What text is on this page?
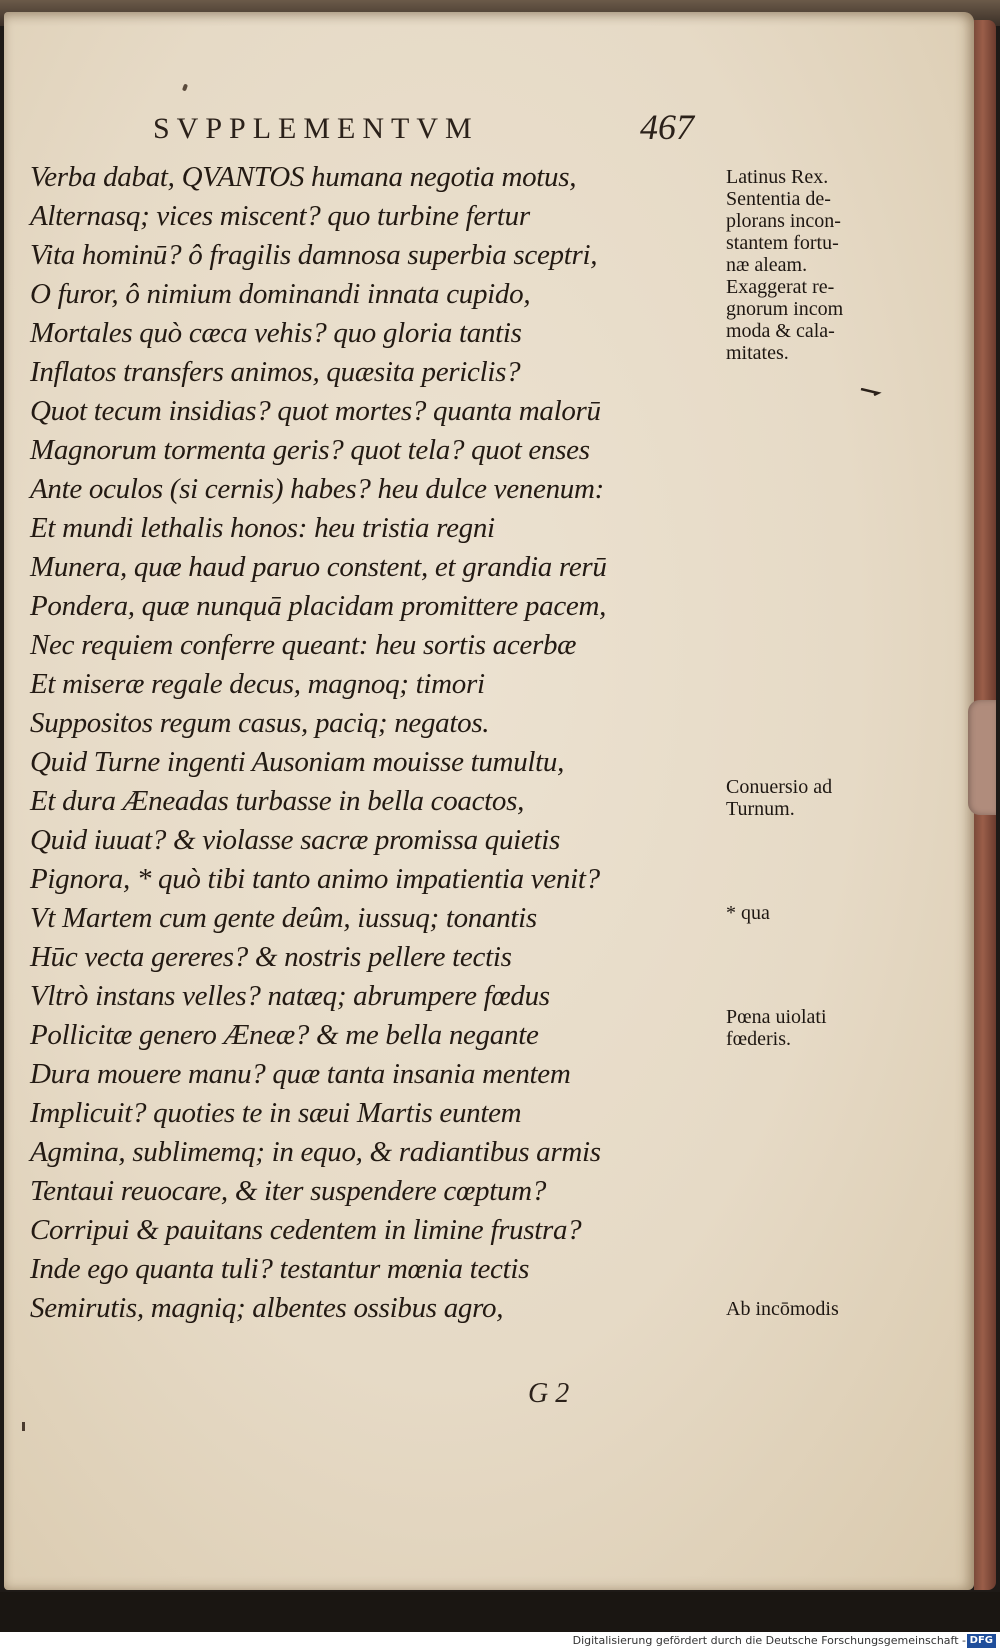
SVPPLEMENTVM	467
Verba dabat, QVANTOS humana negotia motus,
Alternasq; vices miscent? quo turbine fertur
Vita hominū? ô fragilis damnosa superbia sceptri,
O furor, ô nimium dominandi innata cupido,
Mortales quò cæca vehis? quo gloria tantis
Inflatos transfers animos, quæsita periclis?
Quot tecum insidias? quot mortes? quanta malorū
Magnorum tormenta geris? quot tela? quot enses
Ante oculos (si cernis) habes? heu dulce venenum:
Et mundi lethalis honos: heu tristia regni
Munera, quæ haud paruo constent, et grandia rerū
Pondera, quæ nunquā placidam promittere pacem,
Nec requiem conferre queant: heu sortis acerbæ
Et miseræ regale decus, magnoq; timori
Suppositos regum casus, paciq; negatos.
Quid Turne ingenti Ausoniam mouisse tumultu,
Et dura Æneadas turbasse in bella coactos,
Quid iuuat? & violasse sacræ promissa quietis
Pignora, * quò tibi tanto animo impatientia venit?
Vt Martem cum gente deûm, iussuq; tonantis
Hūc vecta gereres? & nostris pellere tectis
Vltrò instans velles? natæq; abrumpere fœdus
Pollicitæ genero Æneæ? & me bella negante
Dura mouere manu? quæ tanta insania mentem
Implicuit? quoties te in sæui Martis euntem
Agmina, sublimemq; in equo, & radiantibus armis
Tentaui reuocare, & iter suspendere cœptum?
Corripui & pauitans cedentem in limine frustra?
Inde ego quanta tuli? testantur mœnia tectis
Semirutis, magniq; albentes ossibus agro,
Latinus Rex.
Sententia de-
plorans incon-
stantem fortu-
næ aleam.
Exaggerat re-
gnorum incom
moda & cala-
mitates.
Conuersio ad
Turnum.
* qua
Pœna uiolati
fœderis.
Ab incōmodis
G 2
Digitalisierung gefördert durch die Deutsche Forschungsgemeinschaft - DFG
